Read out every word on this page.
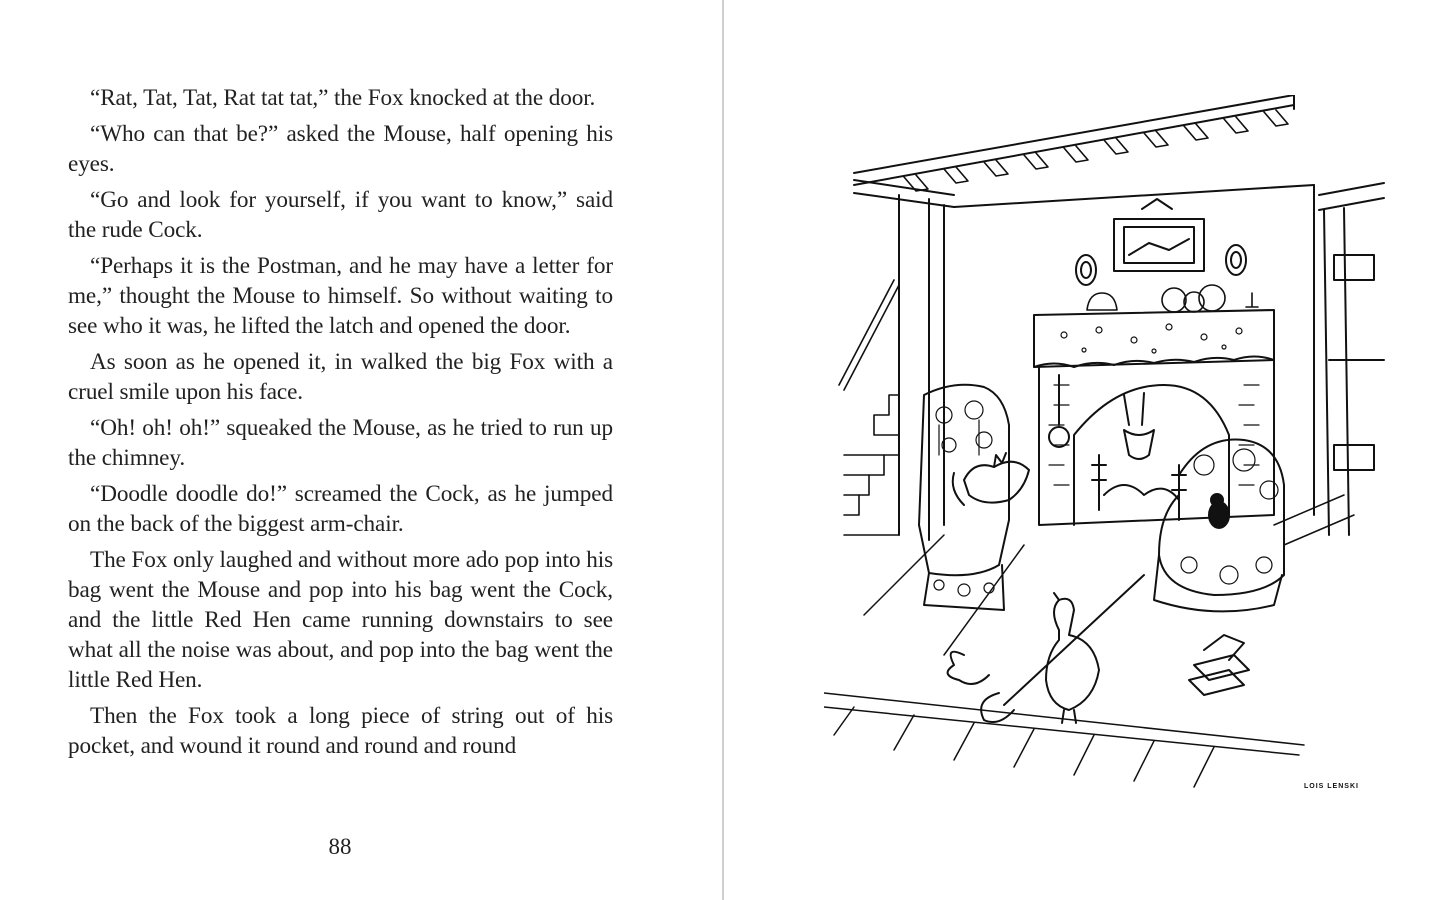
“Rat, Tat, Tat, Rat tat tat,” the Fox knocked at the door.

“Who can that be?” asked the Mouse, half opening his eyes.

“Go and look for yourself, if you want to know,” said the rude Cock.

“Perhaps it is the Postman, and he may have a letter for me,” thought the Mouse to himself. So without waiting to see who it was, he lifted the latch and opened the door.

As soon as he opened it, in walked the big Fox with a cruel smile upon his face.

“Oh! oh! oh!” squeaked the Mouse, as he tried to run up the chimney.

“Doodle doodle do!” screamed the Cock, as he jumped on the back of the biggest arm-chair.

The Fox only laughed and without more ado pop into his bag went the Mouse and pop into his bag went the Cock, and the little Red Hen came running downstairs to see what all the noise was about, and pop into the bag went the little Red Hen.

Then the Fox took a long piece of string out of his pocket, and wound it round and round and round

88
LOIS LENSKI
